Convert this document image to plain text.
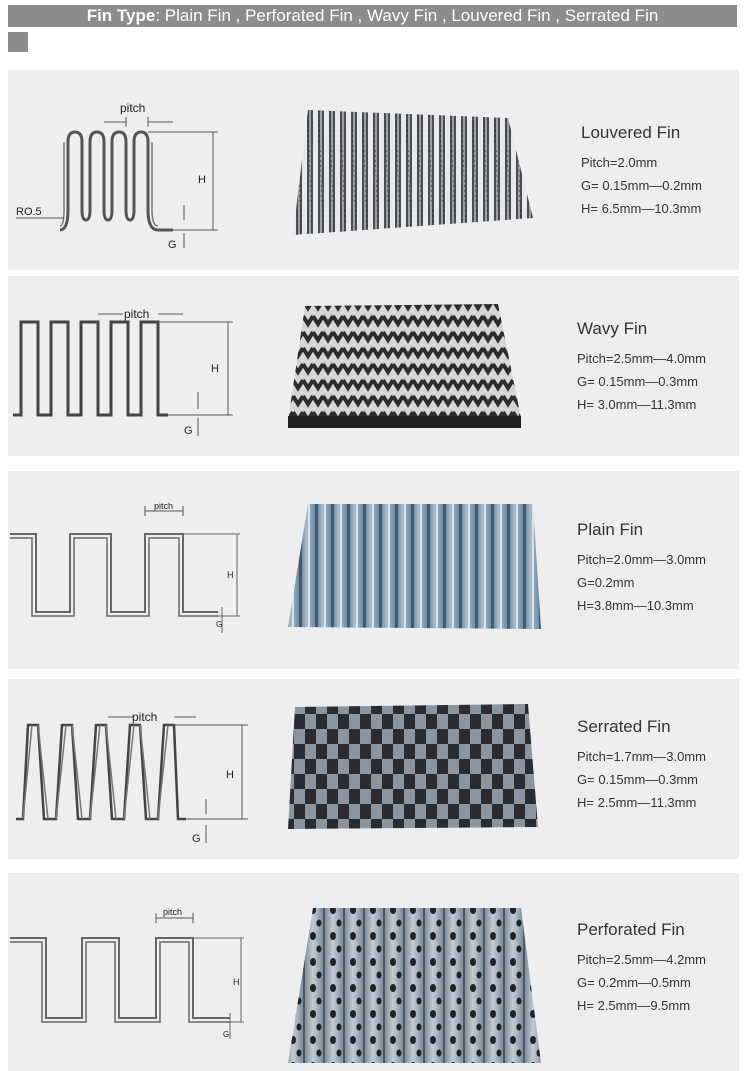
Fin Type: Plain Fin , Perforated Fin , Wavy Fin , Louvered Fin , Serrated Fin
pitch
H
G
RO.5
Louvered Fin
Pitch=2.0mm
G= 0.15mm—0.2mm
H= 6.5mm—10.3mm
pitch
H
G
Wavy Fin
Pitch=2.5mm—4.0mm
G= 0.15mm—0.3mm
H= 3.0mm—11.3mm
pitch
H
G
Plain Fin
Pitch=2.0mm—3.0mm
G=0.2mm
H=3.8mm—10.3mm
pitch
H
G
Serrated Fin
Pitch=1.7mm—3.0mm
G= 0.15mm—0.3mm
H= 2.5mm—11.3mm
pitch
H
G
Perforated Fin
Pitch=2.5mm—4.2mm
G= 0.2mm—0.5mm
H= 2.5mm—9.5mm
